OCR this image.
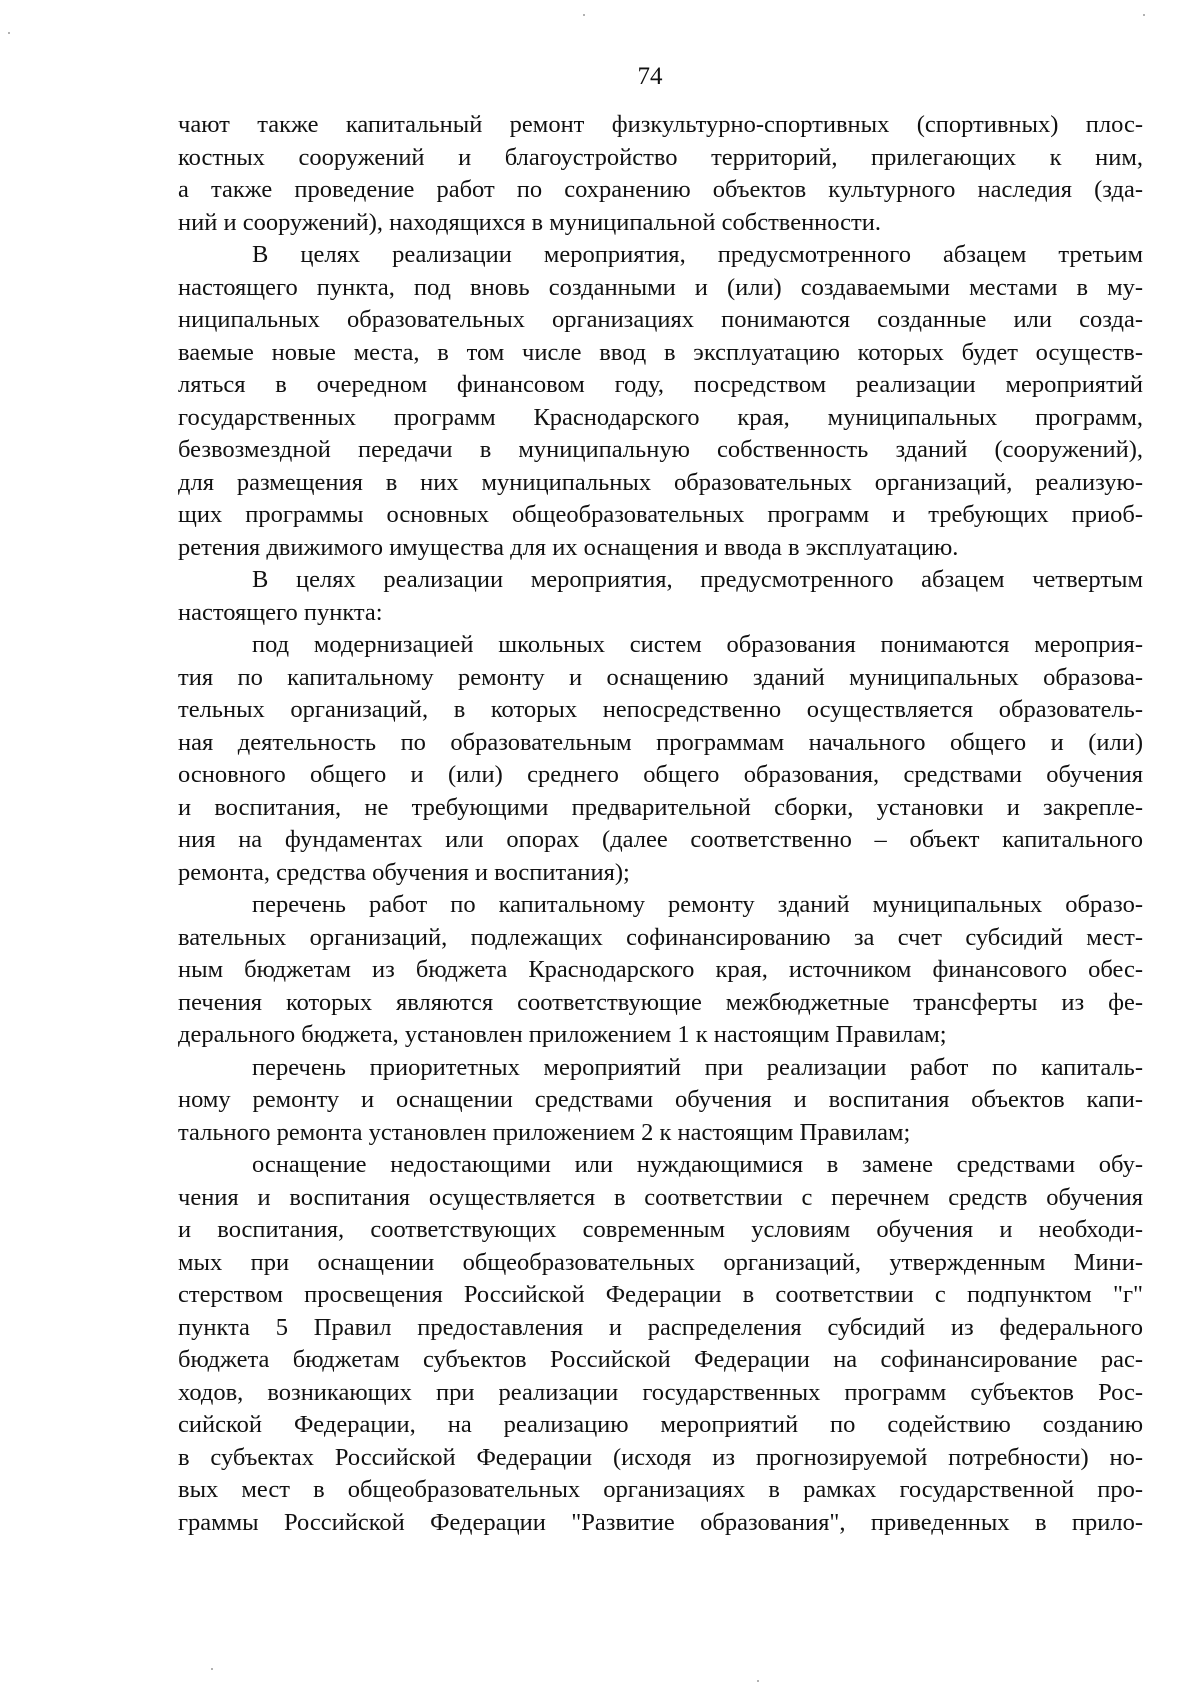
74
чают также капитальный ремонт физкультурно-спортивных (спортивных) плос-
костных сооружений и благоустройство территорий, прилегающих к ним,
а также проведение работ по сохранению объектов культурного наследия (зда-
ний и сооружений), находящихся в муниципальной собственности.
В целях реализации мероприятия, предусмотренного абзацем третьим
настоящего пункта, под вновь созданными и (или) создаваемыми местами в му-
ниципальных образовательных организациях понимаются созданные или созда-
ваемые новые места, в том числе ввод в эксплуатацию которых будет осуществ-
ляться в очередном финансовом году, посредством реализации мероприятий
государственных программ Краснодарского края, муниципальных программ,
безвозмездной передачи в муниципальную собственность зданий (сооружений),
для размещения в них муниципальных образовательных организаций, реализую-
щих программы основных общеобразовательных программ и требующих приоб-
ретения движимого имущества для их оснащения и ввода в эксплуатацию.
В целях реализации мероприятия, предусмотренного абзацем четвертым
настоящего пункта:
под модернизацией школьных систем образования понимаются мероприя-
тия по капитальному ремонту и оснащению зданий муниципальных образова-
тельных организаций, в которых непосредственно осуществляется образователь-
ная деятельность по образовательным программам начального общего и (или)
основного общего и (или) среднего общего образования, средствами обучения
и воспитания, не требующими предварительной сборки, установки и закрепле-
ния на фундаментах или опорах (далее соответственно – объект капитального
ремонта, средства обучения и воспитания);
перечень работ по капитальному ремонту зданий муниципальных образо-
вательных организаций, подлежащих софинансированию за счет субсидий мест-
ным бюджетам из бюджета Краснодарского края, источником финансового обес-
печения которых являются соответствующие межбюджетные трансферты из фе-
дерального бюджета, установлен приложением 1 к настоящим Правилам;
перечень приоритетных мероприятий при реализации работ по капиталь-
ному ремонту и оснащении средствами обучения и воспитания объектов капи-
тального ремонта установлен приложением 2 к настоящим Правилам;
оснащение недостающими или нуждающимися в замене средствами обу-
чения и воспитания осуществляется в соответствии с перечнем средств обучения
и воспитания, соответствующих современным условиям обучения и необходи-
мых при оснащении общеобразовательных организаций, утвержденным Мини-
стерством просвещения Российской Федерации в соответствии с подпунктом "г"
пункта 5 Правил предоставления и распределения субсидий из федерального
бюджета бюджетам субъектов Российской Федерации на софинансирование рас-
ходов, возникающих при реализации государственных программ субъектов Рос-
сийской Федерации, на реализацию мероприятий по содействию созданию
в субъектах Российской Федерации (исходя из прогнозируемой потребности) но-
вых мест в общеобразовательных организациях в рамках государственной про-
граммы Российской Федерации "Развитие образования", приведенных в прило-
